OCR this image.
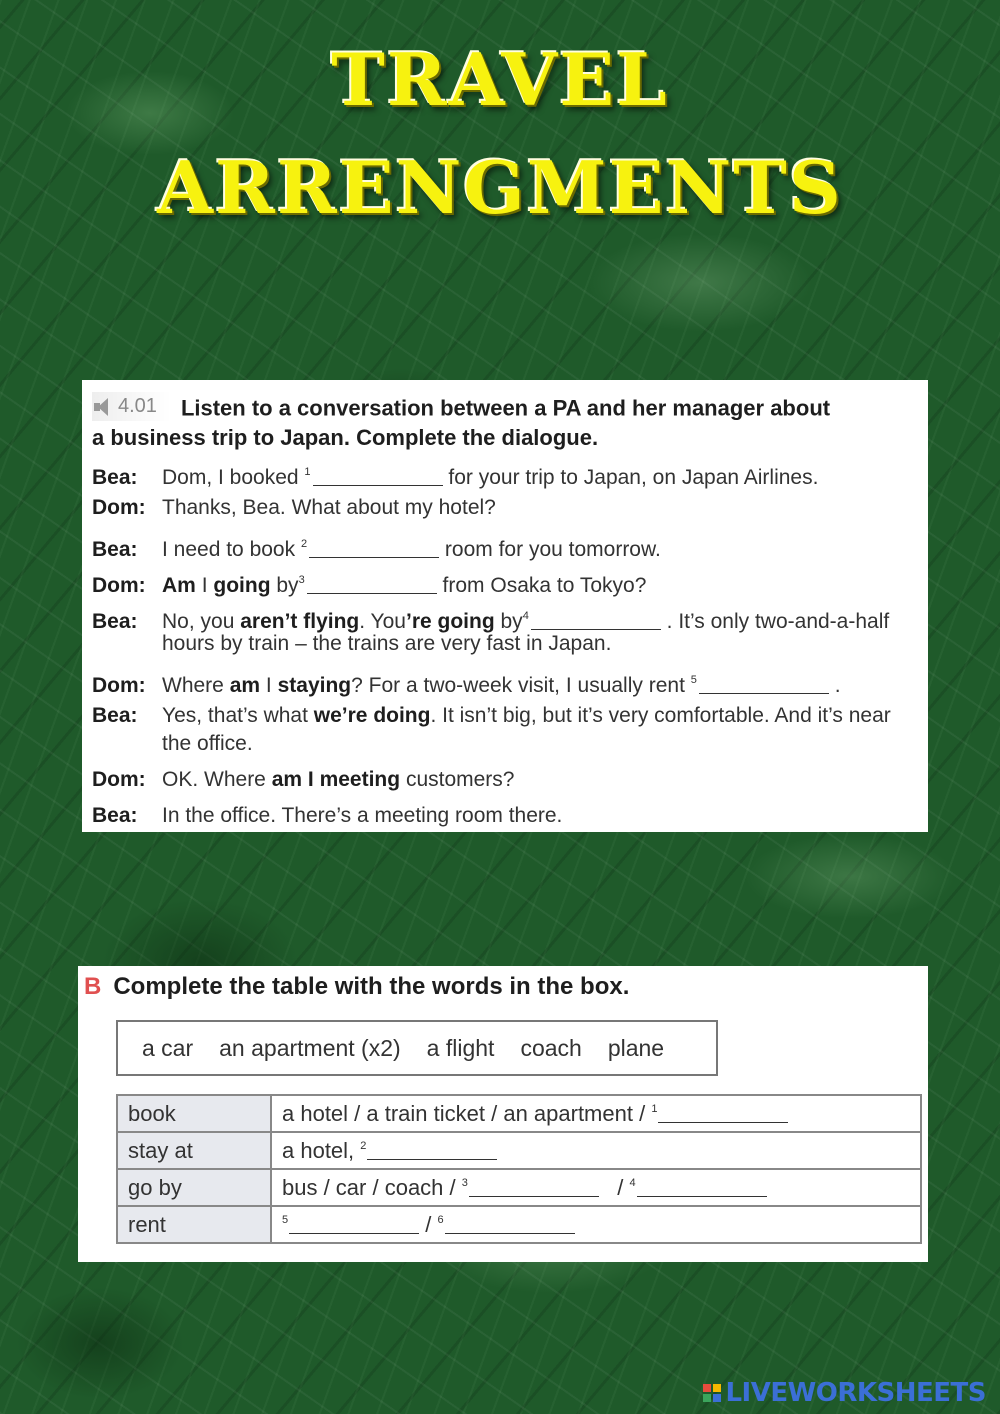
TRAVEL
ARRENGMENTS
4.01 Listen to a conversation between a PA and her manager about
a business trip to Japan. Complete the dialogue.
Bea: Dom, I booked $^1$	for your trip to Japan, on Japan Airlines.
Dom: Thanks, Bea. What about my hotel?
Bea: I need to book $^2$	room for you tomorrow.
Dom: Am I going $by^3$	from Osaka to Tokyo?
Bea: No, you aren’t flying. You’re going $by^4$	. It’s only two-and-a-half
hours by train – the trains are very fast in Japan.
Dom: Where am I staying? For a two-week visit, I usually rent $^5$	.
Bea: Yes, that’s what we’re doing. It isn’t big, but it’s very comfortable. And it’s near
the office.
Dom: OK. Where am I meeting customers?
Bea: In the office. There’s a meeting room there.
B Complete the table with the words in the box.
a car an apartment (x2) a flight coach plane
book	a hotel / a train ticket / an apartment / $^1$
stay at	a hotel, $^2$
go by	bus / car / coach / $^3$ / $^4$
rent	$^5$ / $^6$
LIVEWORKSHEETS
